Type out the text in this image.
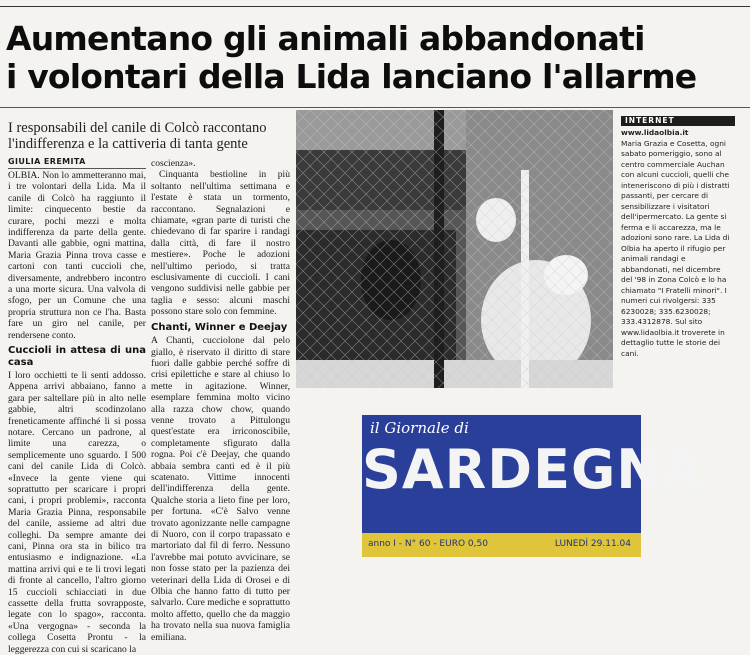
Aumentano gli animali abbandonati
i volontari della Lida lanciano l'allarme

I responsabili del canile di Colcò raccontano l'indifferenza e la cattiveria di tanta gente

GIULIA EREMITA

OLBIA. Non lo ammetteranno mai, i tre volontari della Lida. Ma il canile di Colcò ha raggiunto il limite: cinquecento bestie da curare, pochi mezzi e molta indifferenza da parte della gente. Davanti alle gabbie, ogni mattina, Maria Grazia Pinna trova casse e cartoni con tanti cuccioli che, diversamente, andrebbero incontro a una morte sicura. Una valvola di sfogo, per un Comune che una propria struttura non ce l'ha. Basta fare un giro nel canile, per rendersene conto.

Cuccioli in attesa di una casa

I loro occhietti te li senti addosso. Appena arrivi abbaiano, fanno a gara per saltellare più in alto nelle gabbie, altri scodinzolano freneticamente affinché li si possa notare. Cercano un padrone, al limite una carezza, o semplicemente uno sguardo. I 500 cani del canile Lida di Colcò. «Invece la gente viene qui soprattutto per scaricare i propri cani, i propri problemi», racconta Maria Grazia Pinna, responsabile del canile, assieme ad altri due colleghi. Da sempre amante dei cani, Pinna ora sta in bilico tra entusiasmo e indignazione. «La mattina arrivi qui e te li trovi legati di fronte al cancello, l'altro giorno 15 cuccioli schiacciati in due cassette della frutta sovrapposte, legate con lo spago», racconta. «Una vergogna» - seconda la collega Cosetta Prontu - la leggerezza con cui si scaricano la

coscienza».

Cinquanta bestioline in più soltanto nell'ultima settimana e l'estate è stata un tormento, raccontano. Segnalazioni e chiamate, «gran parte di turisti che chiedevano di far sparire i randagi dalla città, di fare il nostro mestiere». Poche le adozioni nell'ultimo periodo, si tratta esclusivamente di cuccioli. I cani vengono suddivisi nelle gabbie per taglia e sesso: alcuni maschi possono stare solo con femmine.

Chanti, Winner e Deejay

A Chanti, cucciolone dal pelo giallo, è riservato il diritto di stare fuori dalle gabbie perché soffre di crisi epilettiche e stare al chiuso lo mette in agitazione. Winner, esemplare femmina molto vicino alla razza chow chow, quando venne trovato a Pittulongu quest'estate era irriconoscibile, completamente sfigurato dalla rogna. Poi c'è Deejay, che quando abbaia sembra canti ed è il più scatenato. Vittime innocenti dell'indifferenza della gente. Qualche storia a lieto fine per loro, per fortuna. «C'è Salvo venne trovato agonizzante nelle campagne di Nuoro, con il corpo trapassato e martoriato dal fil di ferro. Nessuno l'avrebbe mai potuto avvicinare, se non fosse stato per la pazienza dei veterinari della Lida di Orosei e di Olbia che hanno fatto di tutto per salvarlo. Cure mediche e soprattutto molto affetto, quello che da maggio ha trovato nella sua nuova famiglia emiliana.

INTERNET
www.lidaolbia.it
Maria Grazia e Cosetta, ogni sabato pomeriggio, sono al centro commerciale Auchan con alcuni cuccioli, quelli che inteneriscono di più i distratti passanti, per cercare di sensibilizzare i visitatori dell'ipermercato. La gente si ferma e li accarezza, ma le adozioni sono rare. La Lida di Olbia ha aperto il rifugio per animali randagi e abbandonati, nel dicembre del '98 in Zona Colcò e lo ha chiamato "I Fratelli minori". I numeri cui rivolgersi: 335 6230028; 335.6230028; 333.4312878. Sul sito www.lidaolbia.it troverete in dettaglio tutte le storie dei cani.
il Giornale di
SARDEGNA
anno I - N° 60 - EURO 0,50	LUNEDÌ 29.11.04
